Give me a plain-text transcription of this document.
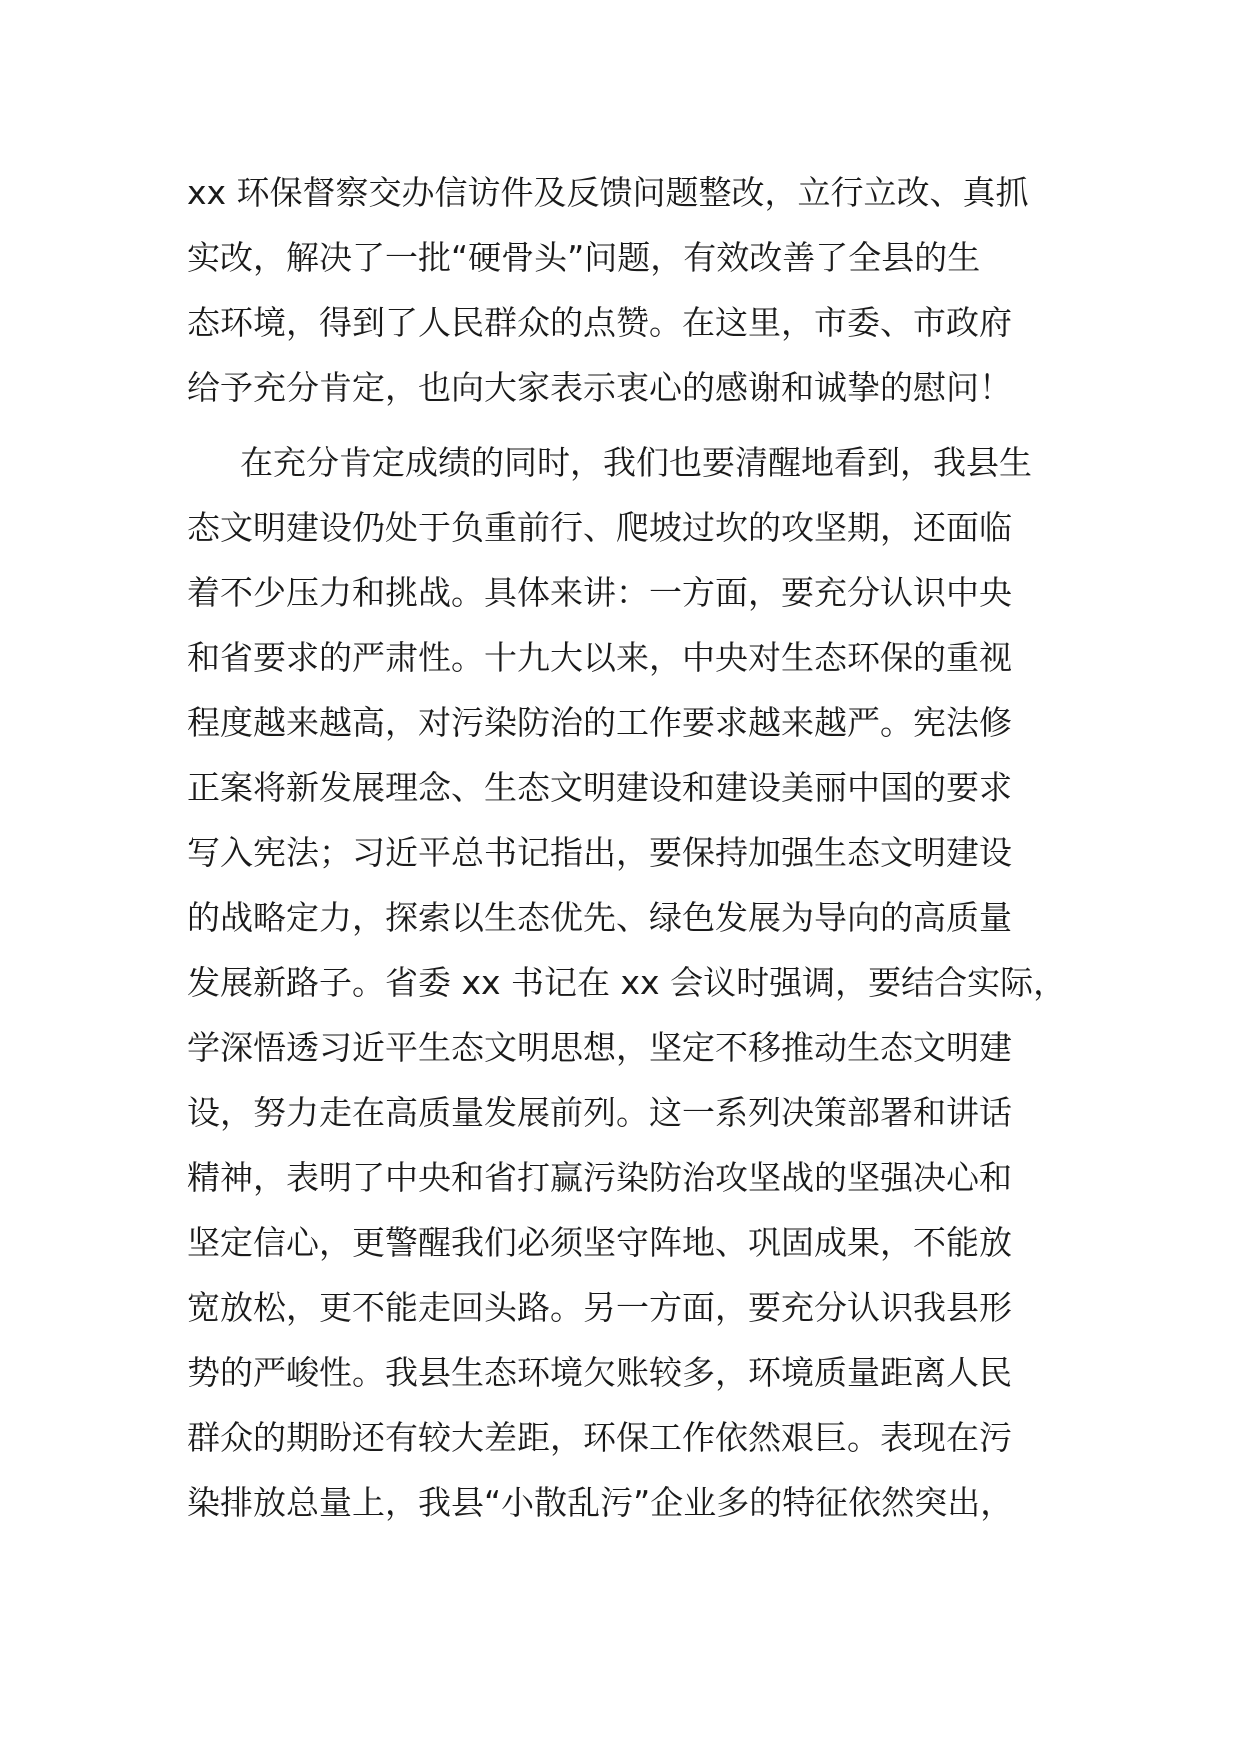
xx 环保督察交办信访件及反馈问题整改，立行立改、真抓
实改，解决了一批“硬骨头”问题，有效改善了全县的生
态环境，得到了人民群众的点赞。在这里，市委、市政府
给予充分肯定，也向大家表示衷心的感谢和诚挚的慰问！
在充分肯定成绩的同时，我们也要清醒地看到，我县生
态文明建设仍处于负重前行、爬坡过坎的攻坚期，还面临
着不少压力和挑战。具体来讲：一方面，要充分认识中央
和省要求的严肃性。十九大以来，中央对生态环保的重视
程度越来越高，对污染防治的工作要求越来越严。宪法修
正案将新发展理念、生态文明建设和建设美丽中国的要求
写入宪法；习近平总书记指出，要保持加强生态文明建设
的战略定力，探索以生态优先、绿色发展为导向的高质量
发展新路子。省委 xx 书记在 xx 会议时强调，要结合实际，
学深悟透习近平生态文明思想，坚定不移推动生态文明建
设，努力走在高质量发展前列。这一系列决策部署和讲话
精神，表明了中央和省打赢污染防治攻坚战的坚强决心和
坚定信心，更警醒我们必须坚守阵地、巩固成果，不能放
宽放松，更不能走回头路。另一方面，要充分认识我县形
势的严峻性。我县生态环境欠账较多，环境质量距离人民
群众的期盼还有较大差距，环保工作依然艰巨。表现在污
染排放总量上，我县“小散乱污”企业多的特征依然突出，
